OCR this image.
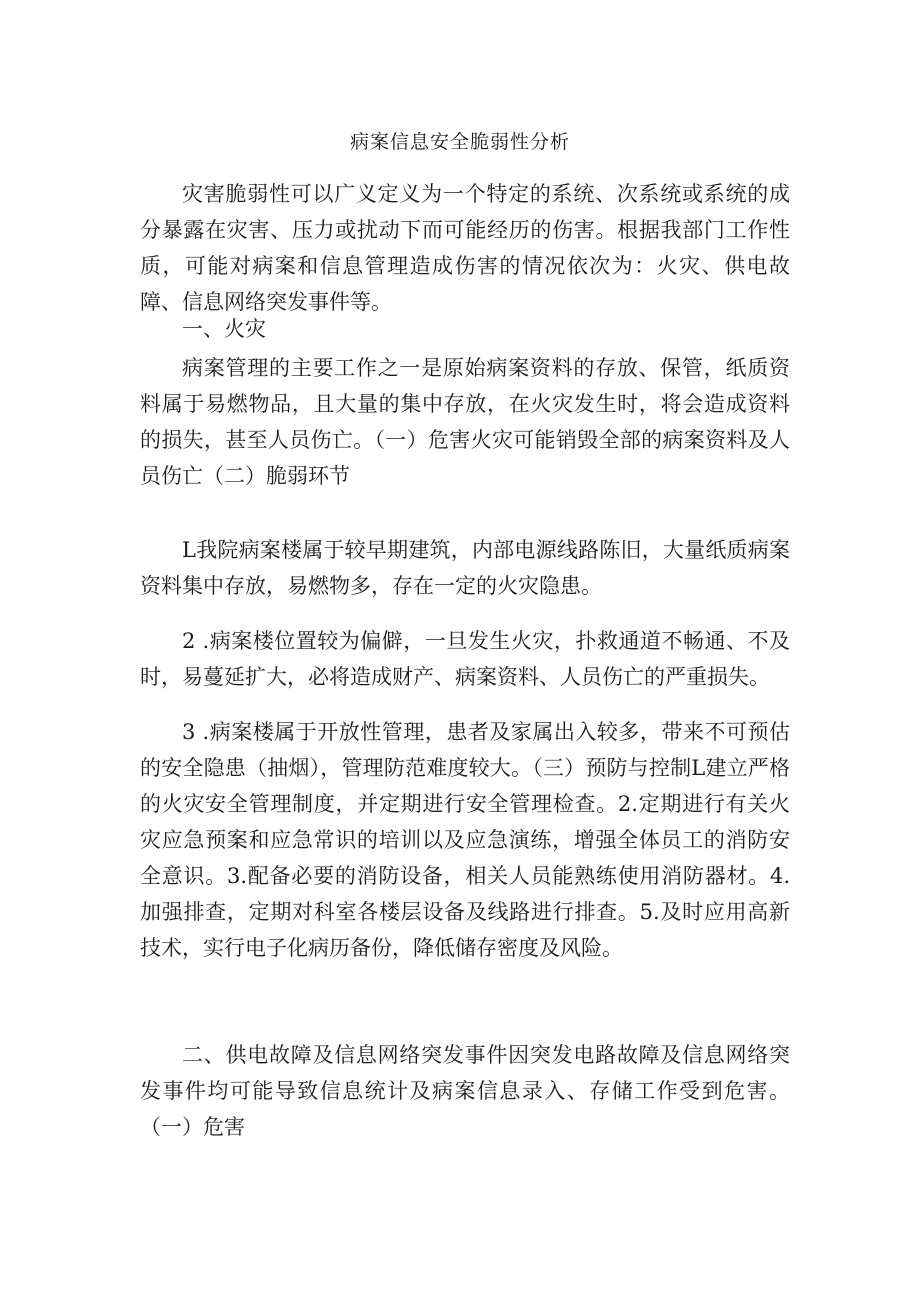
病案信息安全脆弱性分析

灾害脆弱性可以广义定义为一个特定的系统、次系统或系统的成分暴露在灾害、压力或扰动下而可能经历的伤害。根据我部门工作性质，可能对病案和信息管理造成伤害的情况依次为：火灾、供电故障、信息网络突发事件等。

一、火灾

病案管理的主要工作之一是原始病案资料的存放、保管，纸质资料属于易燃物品，且大量的集中存放，在火灾发生时，将会造成资料的损失，甚至人员伤亡。（一）危害火灾可能销毁全部的病案资料及人员伤亡（二）脆弱环节

L我院病案楼属于较早期建筑，内部电源线路陈旧，大量纸质病案资料集中存放，易燃物多，存在一定的火灾隐患。

2 .病案楼位置较为偏僻，一旦发生火灾，扑救通道不畅通、不及时，易蔓延扩大，必将造成财产、病案资料、人员伤亡的严重损失。

3 .病案楼属于开放性管理，患者及家属出入较多，带来不可预估的安全隐患（抽烟），管理防范难度较大。（三）预防与控制L建立严格的火灾安全管理制度，并定期进行安全管理检查。2.定期进行有关火灾应急预案和应急常识的培训以及应急演练，增强全体员工的消防安全意识。3.配备必要的消防设备，相关人员能熟练使用消防器材。4. 加强排查，定期对科室各楼层设备及线路进行排查。5.及时应用高新技术，实行电子化病历备份，降低储存密度及风险。

二、供电故障及信息网络突发事件因突发电路故障及信息网络突发事件均可能导致信息统计及病案信息录入、存储工作受到危害。（一）危害
